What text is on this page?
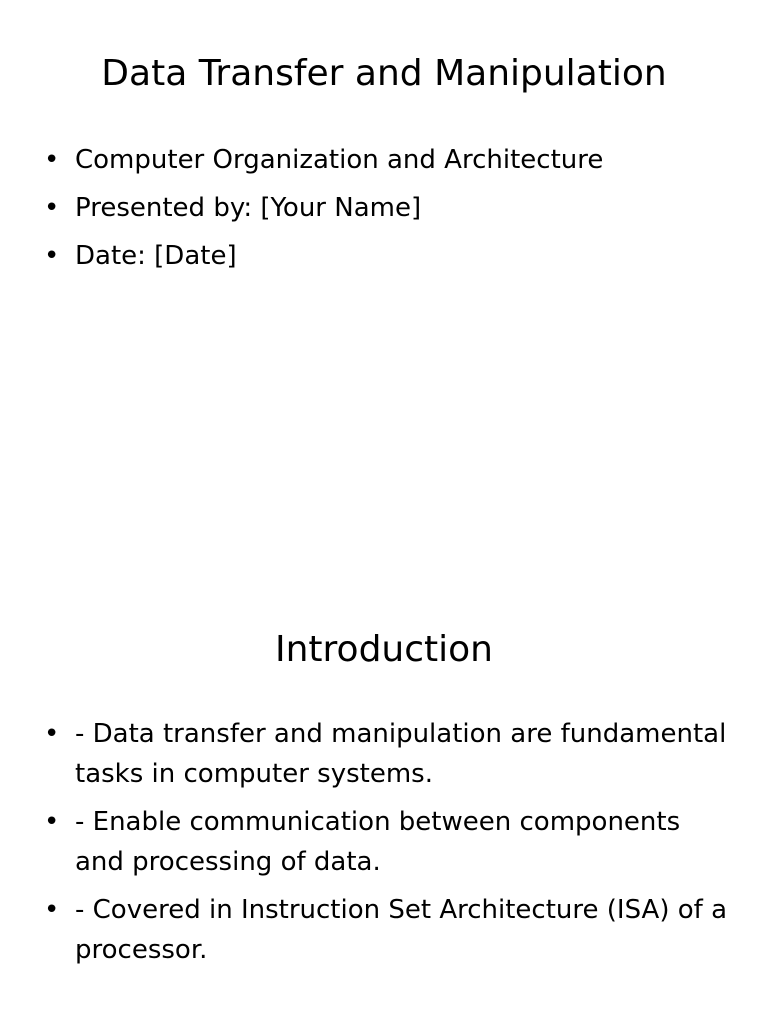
Data Transfer and Manipulation
• Computer Organization and Architecture
• Presented by: [Your Name]
• Date: [Date]
Introduction
• - Data transfer and manipulation are fundamental tasks in computer systems.
• - Enable communication between components and processing of data.
• - Covered in Instruction Set Architecture (ISA) of a processor.
